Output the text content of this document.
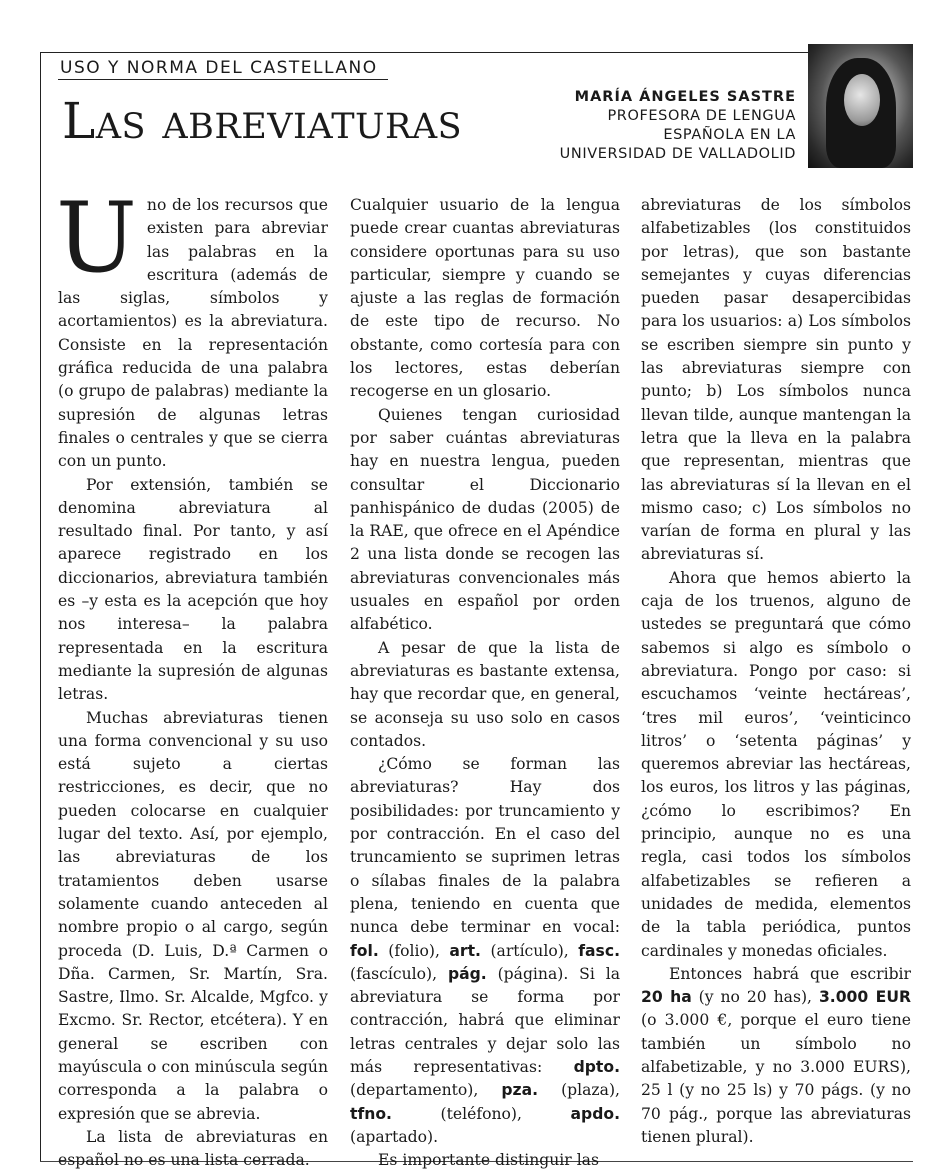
USO Y NORMA DEL CASTELLANO
Las abreviaturas	MARÍA ÁNGELES SASTRE
PROFESORA DE LENGUA
ESPAÑOLA EN LA
UNIVERSIDAD DE VALLADOLID

Uno de los recursos que existen para abreviar las palabras en la escritura (además de las siglas, símbolos y acortamientos) es la abreviatura. Consiste en la representación gráfica reducida de una palabra (o grupo de palabras) mediante la supresión de algunas letras finales o centrales y que se cierra con un punto.

Por extensión, también se denomina abreviatura al resultado final. Por tanto, y así aparece registrado en los diccionarios, abreviatura también es –y esta es la acepción que hoy nos interesa– la palabra representada en la escritura mediante la supresión de algunas letras.

Muchas abreviaturas tienen una forma convencional y su uso está sujeto a ciertas restricciones, es decir, que no pueden colocarse en cualquier lugar del texto. Así, por ejemplo, las abreviaturas de los tratamientos deben usarse solamente cuando anteceden al nombre propio o al cargo, según proceda (D. Luis, D.ª Carmen o Dña. Carmen, Sr. Martín, Sra. Sastre, Ilmo. Sr. Alcalde, Mgfco. y Excmo. Sr. Rector, etcétera). Y en general se escriben con mayúscula o con minúscula según corresponda a la palabra o expresión que se abrevia.

La lista de abreviaturas en español no es una lista cerrada.

Cualquier usuario de la lengua puede crear cuantas abreviaturas considere oportunas para su uso particular, siempre y cuando se ajuste a las reglas de formación de este tipo de recurso. No obstante, como cortesía para con los lectores, estas deberían recogerse en un glosario.

Quienes tengan curiosidad por saber cuántas abreviaturas hay en nuestra lengua, pueden consultar el Diccionario panhispánico de dudas (2005) de la RAE, que ofrece en el Apéndice 2 una lista donde se recogen las abreviaturas convencionales más usuales en español por orden alfabético.

A pesar de que la lista de abreviaturas es bastante extensa, hay que recordar que, en general, se aconseja su uso solo en casos contados.

¿Cómo se forman las abreviaturas? Hay dos posibilidades: por truncamiento y por contracción. En el caso del truncamiento se suprimen letras o sílabas finales de la palabra plena, teniendo en cuenta que nunca debe terminar en vocal: fol. (folio), art. (artículo), fasc. (fascículo), pág. (página). Si la abreviatura se forma por contracción, habrá que eliminar letras centrales y dejar solo las más representativas: dpto. (departamento), pza. (plaza), tfno. (teléfono), apdo. (apartado).

Es importante distinguir las

abreviaturas de los símbolos alfabetizables (los constituidos por letras), que son bastante semejantes y cuyas diferencias pueden pasar desapercibidas para los usuarios: a) Los símbolos se escriben siempre sin punto y las abreviaturas siempre con punto; b) Los símbolos nunca llevan tilde, aunque mantengan la letra que la lleva en la palabra que representan, mientras que las abreviaturas sí la llevan en el mismo caso; c) Los símbolos no varían de forma en plural y las abreviaturas sí.

Ahora que hemos abierto la caja de los truenos, alguno de ustedes se preguntará que cómo sabemos si algo es símbolo o abreviatura. Pongo por caso: si escuchamos ‘veinte hectáreas’, ‘tres mil euros’, ‘veinticinco litros’ o ‘setenta páginas’ y queremos abreviar las hectáreas, los euros, los litros y las páginas, ¿cómo lo escribimos? En principio, aunque no es una regla, casi todos los símbolos alfabetizables se refieren a unidades de medida, elementos de la tabla periódica, puntos cardinales y monedas oficiales.

Entonces habrá que escribir 20 ha (y no 20 has), 3.000 EUR (o 3.000 €, porque el euro tiene también un símbolo no alfabetizable, y no 3.000 EURS), 25 l (y no 25 ls) y 70 págs. (y no 70 pág., porque las abreviaturas tienen plural).
